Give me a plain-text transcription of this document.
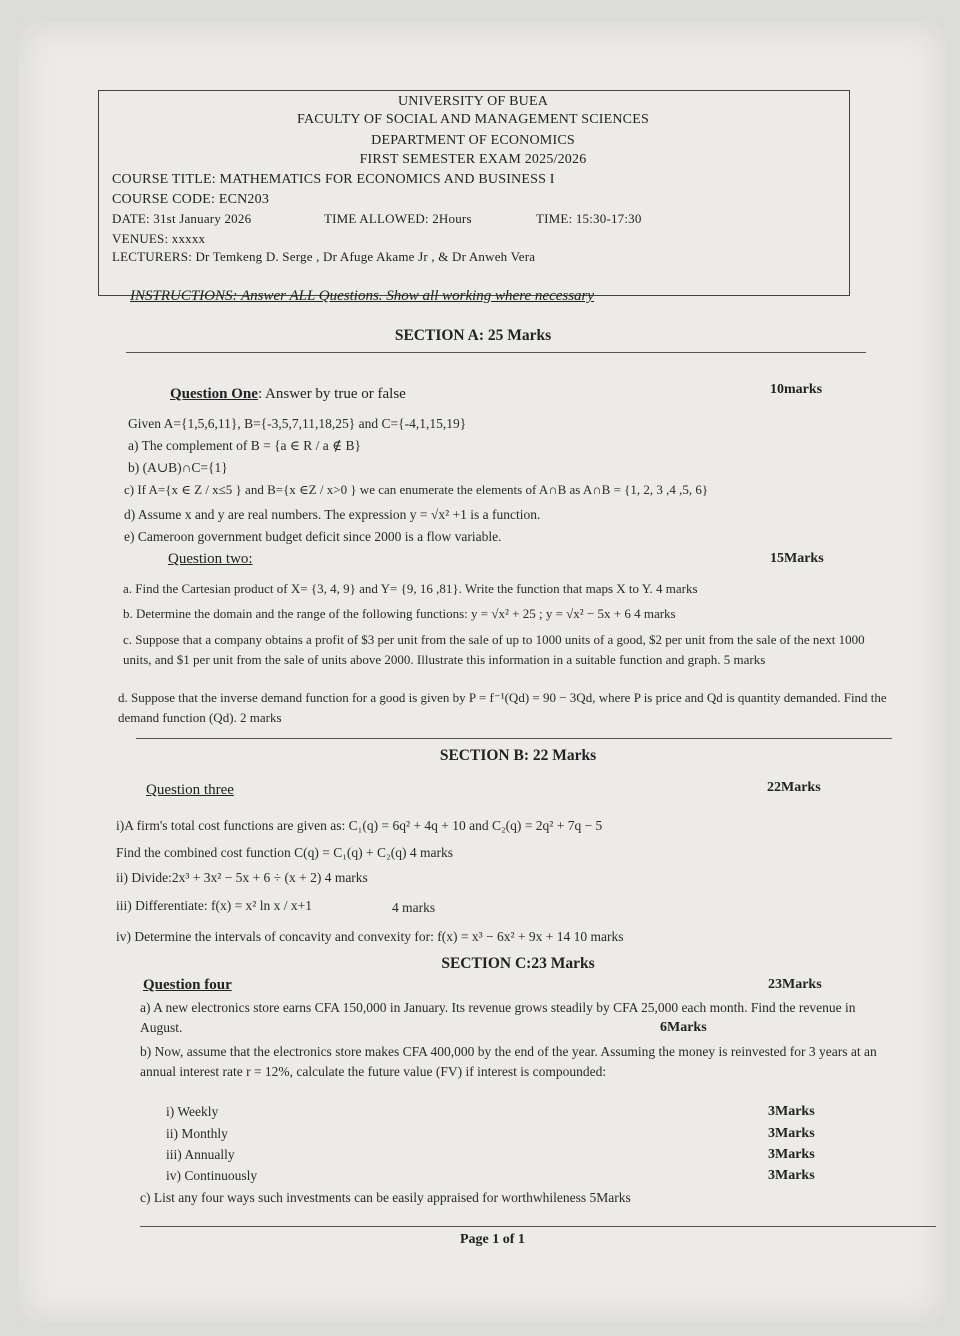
UNIVERSITY OF BUEA
FACULTY OF SOCIAL AND MANAGEMENT SCIENCES
DEPARTMENT OF ECONOMICS
FIRST SEMESTER EXAM 2025/2026
COURSE TITLE: MATHEMATICS FOR ECONOMICS AND BUSINESS I
COURSE CODE: ECN203
DATE: 31st January 2026	TIME ALLOWED: 2Hours	TIME: 15:30-17:30
VENUES: xxxxx
LECTURERS: Dr Temkeng D. Serge , Dr Afuge Akame Jr , & Dr Anweh Vera
INSTRUCTIONS: Answer ALL Questions. Show all working where necessary
SECTION A: 25 Marks
Question One: Answer by true or false	10marks
Given A={1,5,6,11}, B={-3,5,7,11,18,25} and C={-4,1,15,19}
a) The complement of B = {a ∈ R / a ∉ B}
b) (A∪B)∩C={1}
c) If A={x ∈ Z / x≤5 } and B={x ∈Z / x>0 } we can enumerate the elements of A∩B as A∩B = {1, 2, 3 ,4 ,5, 6}
d) Assume x and y are real numbers. The expression y = √x² +1 is a function.
e) Cameroon government budget deficit since 2000 is a flow variable.
Question two:	15Marks
a. Find the Cartesian product of X= {3, 4, 9} and Y= {9, 16 ,81}. Write the function that maps X to Y. 4 marks
b. Determine the domain and the range of the following functions: y = √x² + 25 ; y = √x² − 5x + 6 4 marks
c. Suppose that a company obtains a profit of $3 per unit from the sale of up to 1000 units of a good, $2 per unit from the sale of the next 1000 units, and $1 per unit from the sale of units above 2000. Illustrate this information in a suitable function and graph. 5 marks
d. Suppose that the inverse demand function for a good is given by P = f⁻¹(Qd) = 90 − 3Qd, where P is price and Qd is quantity demanded. Find the demand function (Qd). 2 marks
SECTION B: 22 Marks
Question three	22Marks
i)A firm's total cost functions are given as: C₁(q) = 6q² + 4q + 10 and C₂(q) = 2q² + 7q − 5
Find the combined cost function C(q) = C₁(q) + C₂(q) 4 marks
ii) Divide:2x³ + 3x² − 5x + 6 ÷ (x + 2) 4 marks
iii) Differentiate: f(x) = x² ln x / x+1	4 marks
iv) Determine the intervals of concavity and convexity for: f(x) = x³ − 6x² + 9x + 14 10 marks
SECTION C:23 Marks
Question four	23Marks
a) A new electronics store earns CFA 150,000 in January. Its revenue grows steadily by CFA 25,000 each month. Find the revenue in August.	6Marks
b) Now, assume that the electronics store makes CFA 400,000 by the end of the year. Assuming the money is reinvested for 3 years at an annual interest rate r = 12%, calculate the future value (FV) if interest is compounded:
i) Weekly	3Marks
ii) Monthly	3Marks
iii) Annually	3Marks
iv) Continuously	3Marks
c) List any four ways such investments can be easily appraised for worthwhileness 5Marks
Page 1 of 1
